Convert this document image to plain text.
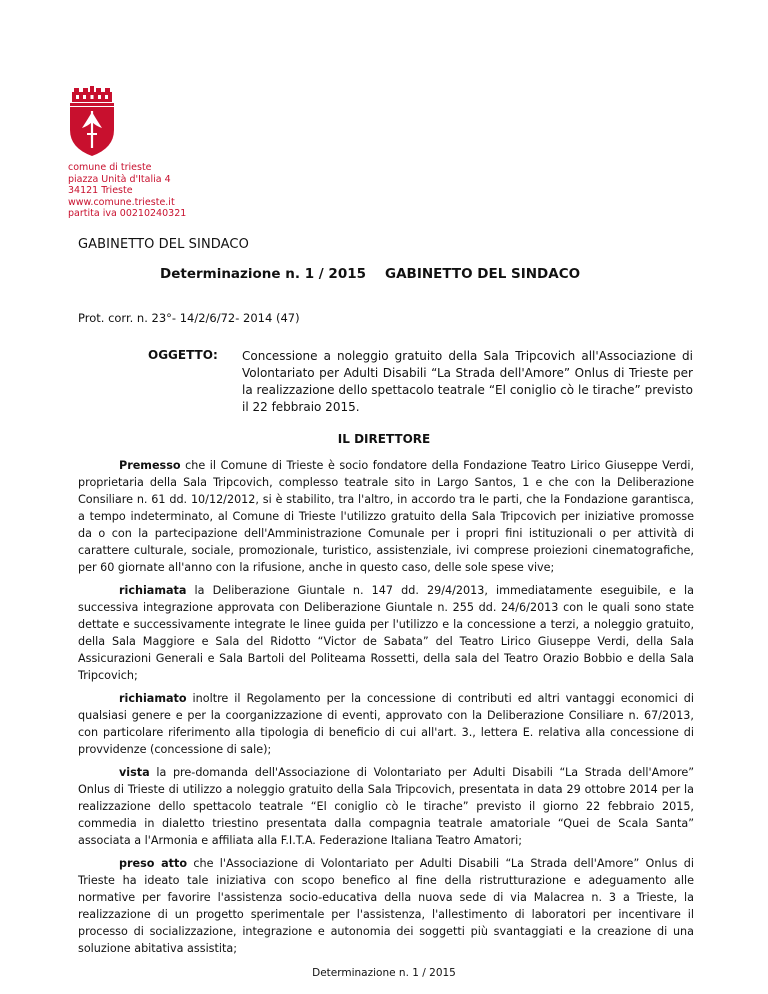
comune di trieste
piazza Unità d'Italia 4
34121 Trieste
www.comune.trieste.it
partita iva 00210240321
GABINETTO DEL SINDACO
Determinazione n. 1 / 2015 GABINETTO DEL SINDACO
Prot. corr. n. 23°- 14/2/6/72- 2014 (47)
OGGETTO: Concessione a noleggio gratuito della Sala Tripcovich all'Associazione di Volontariato per Adulti Disabili “La Strada dell'Amore” Onlus di Trieste per la realizzazione dello spettacolo teatrale “El coniglio cò le tirache” previsto il 22 febbraio 2015.
IL DIRETTORE

Premesso che il Comune di Trieste è socio fondatore della Fondazione Teatro Lirico Giuseppe Verdi, proprietaria della Sala Tripcovich, complesso teatrale sito in Largo Santos, 1 e che con la Deliberazione Consiliare n. 61 dd. 10/12/2012, si è stabilito, tra l'altro, in accordo tra le parti, che la Fondazione garantisca, a tempo indeterminato, al Comune di Trieste l'utilizzo gratuito della Sala Tripcovich per iniziative promosse da o con la partecipazione dell'Amministrazione Comunale per i propri fini istituzionali o per attività di carattere culturale, sociale, promozionale, turistico, assistenziale, ivi comprese proiezioni cinematografiche, per 60 giornate all'anno con la rifusione, anche in questo caso, delle sole spese vive;

richiamata la Deliberazione Giuntale n. 147 dd. 29/4/2013, immediatamente eseguibile, e la successiva integrazione approvata con Deliberazione Giuntale n. 255 dd. 24/6/2013 con le quali sono state dettate e successivamente integrate le linee guida per l'utilizzo e la concessione a terzi, a noleggio gratuito, della Sala Maggiore e Sala del Ridotto “Victor de Sabata” del Teatro Lirico Giuseppe Verdi, della Sala Assicurazioni Generali e Sala Bartoli del Politeama Rossetti, della sala del Teatro Orazio Bobbio e della Sala Tripcovich;

richiamato inoltre il Regolamento per la concessione di contributi ed altri vantaggi economici di qualsiasi genere e per la coorganizzazione di eventi, approvato con la Deliberazione Consiliare n. 67/2013, con particolare riferimento alla tipologia di beneficio di cui all'art. 3., lettera E. relativa alla concessione di provvidenze (concessione di sale);

vista la pre-domanda dell'Associazione di Volontariato per Adulti Disabili “La Strada dell'Amore” Onlus di Trieste di utilizzo a noleggio gratuito della Sala Tripcovich, presentata in data 29 ottobre 2014 per la realizzazione dello spettacolo teatrale “El coniglio cò le tirache” previsto il giorno 22 febbraio 2015, commedia in dialetto triestino presentata dalla compagnia teatrale amatoriale “Quei de Scala Santa” associata a l'Armonia e affiliata alla F.I.T.A. Federazione Italiana Teatro Amatori;

preso atto che l'Associazione di Volontariato per Adulti Disabili “La Strada dell'Amore” Onlus di Trieste ha ideato tale iniziativa con scopo benefico al fine della ristrutturazione e adeguamento alle normative per favorire l'assistenza socio-educativa della nuova sede di via Malacrea n. 3 a Trieste, la realizzazione di un progetto sperimentale per l'assistenza, l'allestimento di laboratori per incentivare il processo di socializzazione, integrazione e autonomia dei soggetti più svantaggiati e la creazione di una soluzione abitativa assistita;

Determinazione n. 1 / 2015
